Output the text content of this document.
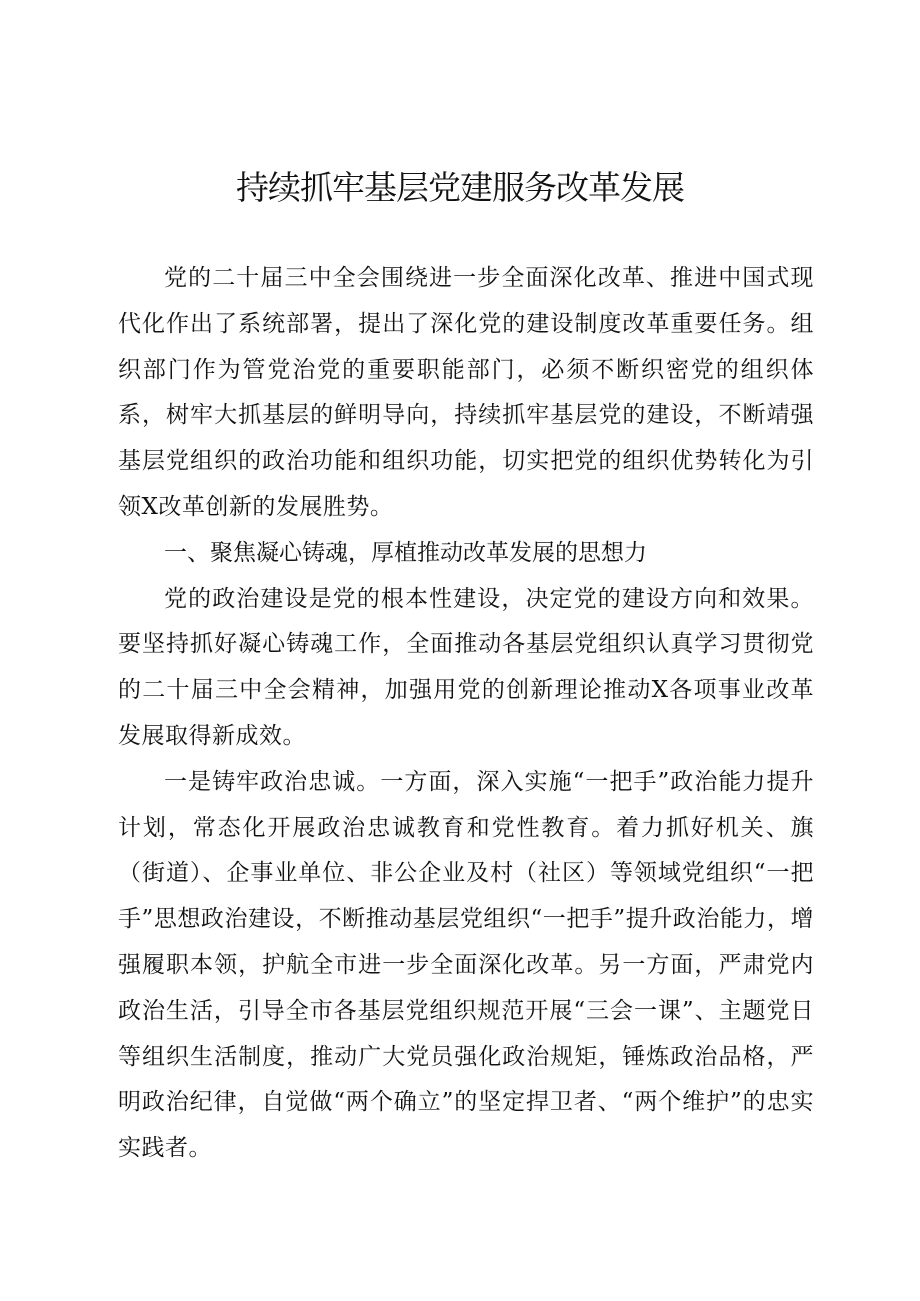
持续抓牢基层党建服务改革发展

党的二十届三中全会围绕进一步全面深化改革、推进中国式现代化作出了系统部署，提出了深化党的建设制度改革重要任务。组织部门作为管党治党的重要职能部门，必须不断织密党的组织体系，树牢大抓基层的鲜明导向，持续抓牢基层党的建设，不断靖强基层党组织的政治功能和组织功能，切实把党的组织优势转化为引领X改革创新的发展胜势。

一、聚焦凝心铸魂，厚植推动改革发展的思想力

党的政治建设是党的根本性建设，决定党的建设方向和效果。要坚持抓好凝心铸魂工作，全面推动各基层党组织认真学习贯彻党的二十届三中全会精神，加强用党的创新理论推动X各项事业改革发展取得新成效。

一是铸牢政治忠诚。一方面，深入实施“一把手”政治能力提升计划，常态化开展政治忠诚教育和党性教育。着力抓好机关、旗（街道）、企事业单位、非公企业及村（社区）等领域党组织“一把手”思想政治建设，不断推动基层党组织“一把手”提升政治能力，增强履职本领，护航全市进一步全面深化改革。另一方面，严肃党内政治生活，引导全市各基层党组织规范开展“三会一课”、主题党日等组织生活制度，推动广大党员强化政治规矩，锤炼政治品格，严明政治纪律，自觉做“两个确立”的坚定捍卫者、“两个维护”的忠实实践者。
